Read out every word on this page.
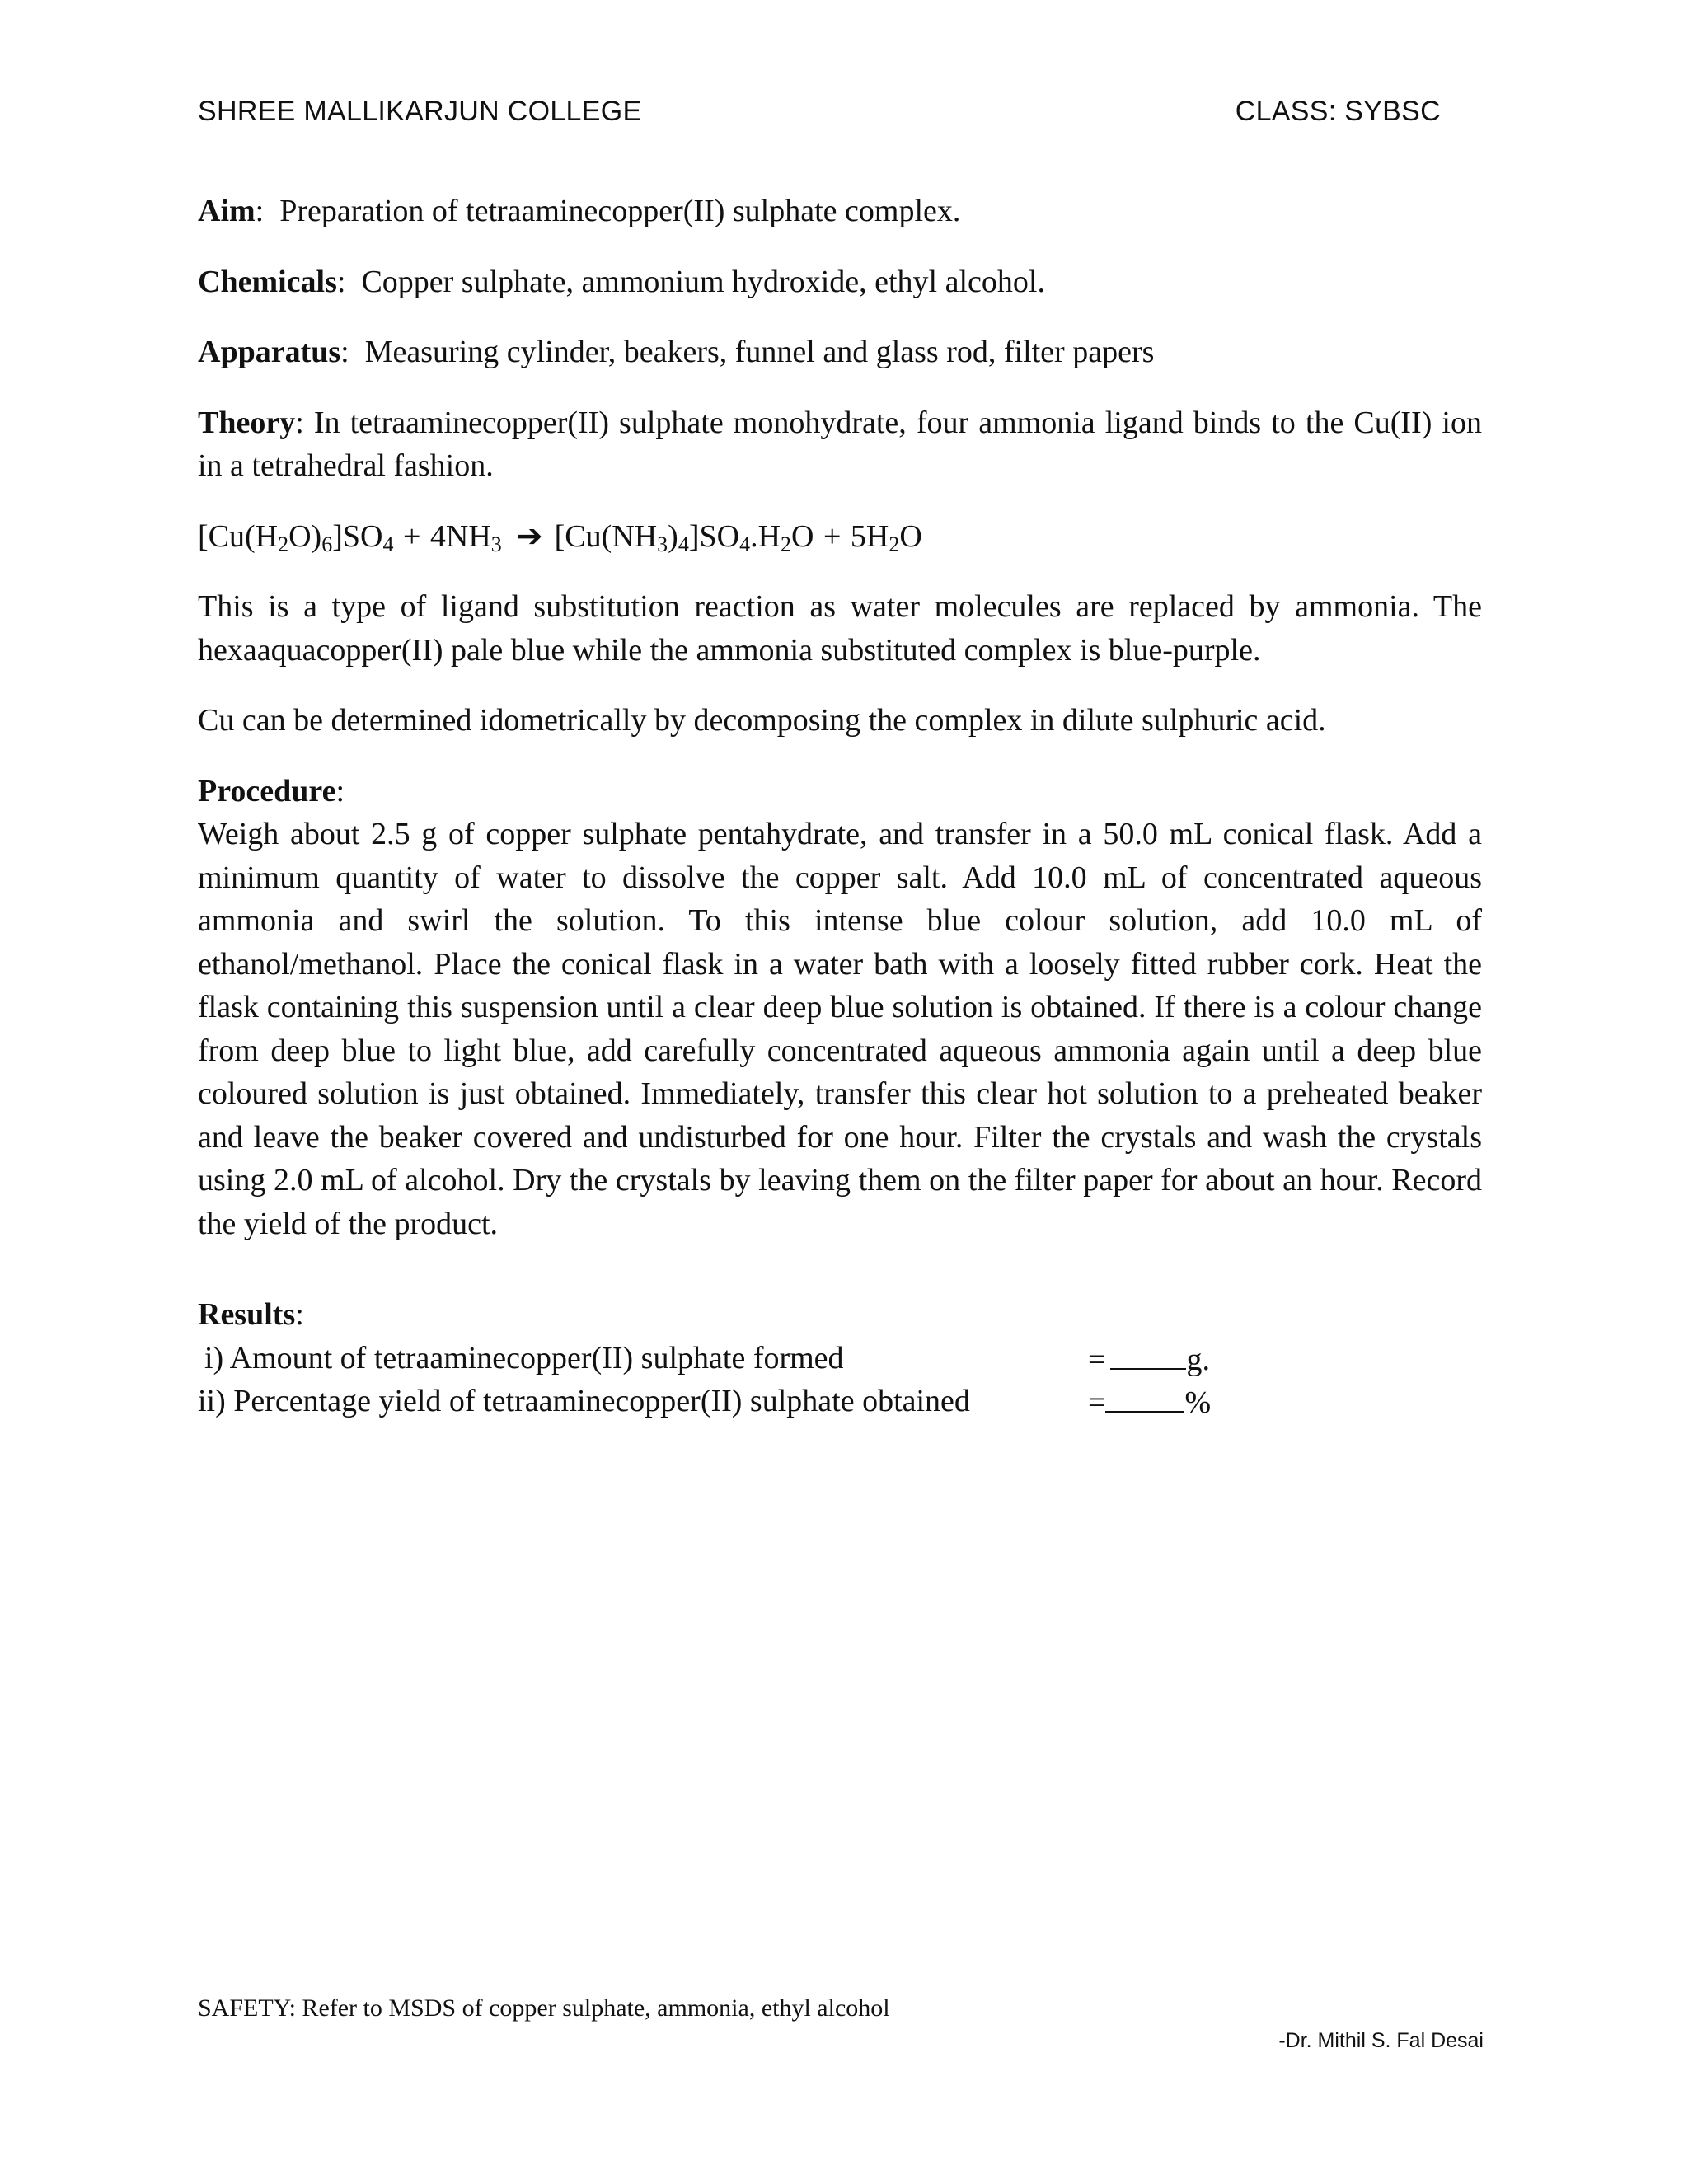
SHREE MALLIKARJUN COLLEGE	CLASS: SYBSC

Aim:  Preparation of tetraaminecopper(II) sulphate complex.

Chemicals:  Copper sulphate, ammonium hydroxide, ethyl alcohol.

Apparatus:  Measuring cylinder, beakers, funnel and glass rod, filter papers

Theory: In tetraaminecopper(II) sulphate monohydrate, four ammonia ligand binds to the Cu(II) ion in a tetrahedral fashion.

$[Cu(H_2O)_6]SO_4 + 4NH_3$ ➔ $[Cu(NH_3)_4]SO_4.H_2O + 5H_2O$

This is a type of ligand substitution reaction as water molecules are replaced by ammonia. The hexaaquacopper(II) pale blue while the ammonia substituted complex is blue-purple.

Cu can be determined idometrically by decomposing the complex in dilute sulphuric acid.

Procedure:

Weigh about 2.5 g of copper sulphate pentahydrate, and transfer in a 50.0 mL conical flask. Add a minimum quantity of water to dissolve the copper salt. Add 10.0 mL of concentrated aqueous ammonia and swirl the solution. To this intense blue colour solution, add 10.0 mL of ethanol/methanol. Place the conical flask in a water bath with a loosely fitted rubber cork. Heat the flask containing this suspension until a clear deep blue solution is obtained. If there is a colour change from deep blue to light blue, add carefully concentrated aqueous ammonia again until a deep blue coloured solution is just obtained. Immediately, transfer this clear hot solution to a preheated beaker and leave the beaker covered and undisturbed for one hour. Filter the crystals and wash the crystals using 2.0 mL of alcohol. Dry the crystals by leaving them on the filter paper for about an hour. Record the yield of the product.

Results:
i) Amount of tetraaminecopper(II) sulphate formed	=	g.
ii) Percentage yield of tetraaminecopper(II) sulphate obtained	=	%
SAFETY: Refer to MSDS of copper sulphate, ammonia, ethyl alcohol
-Dr. Mithil S. Fal Desai
